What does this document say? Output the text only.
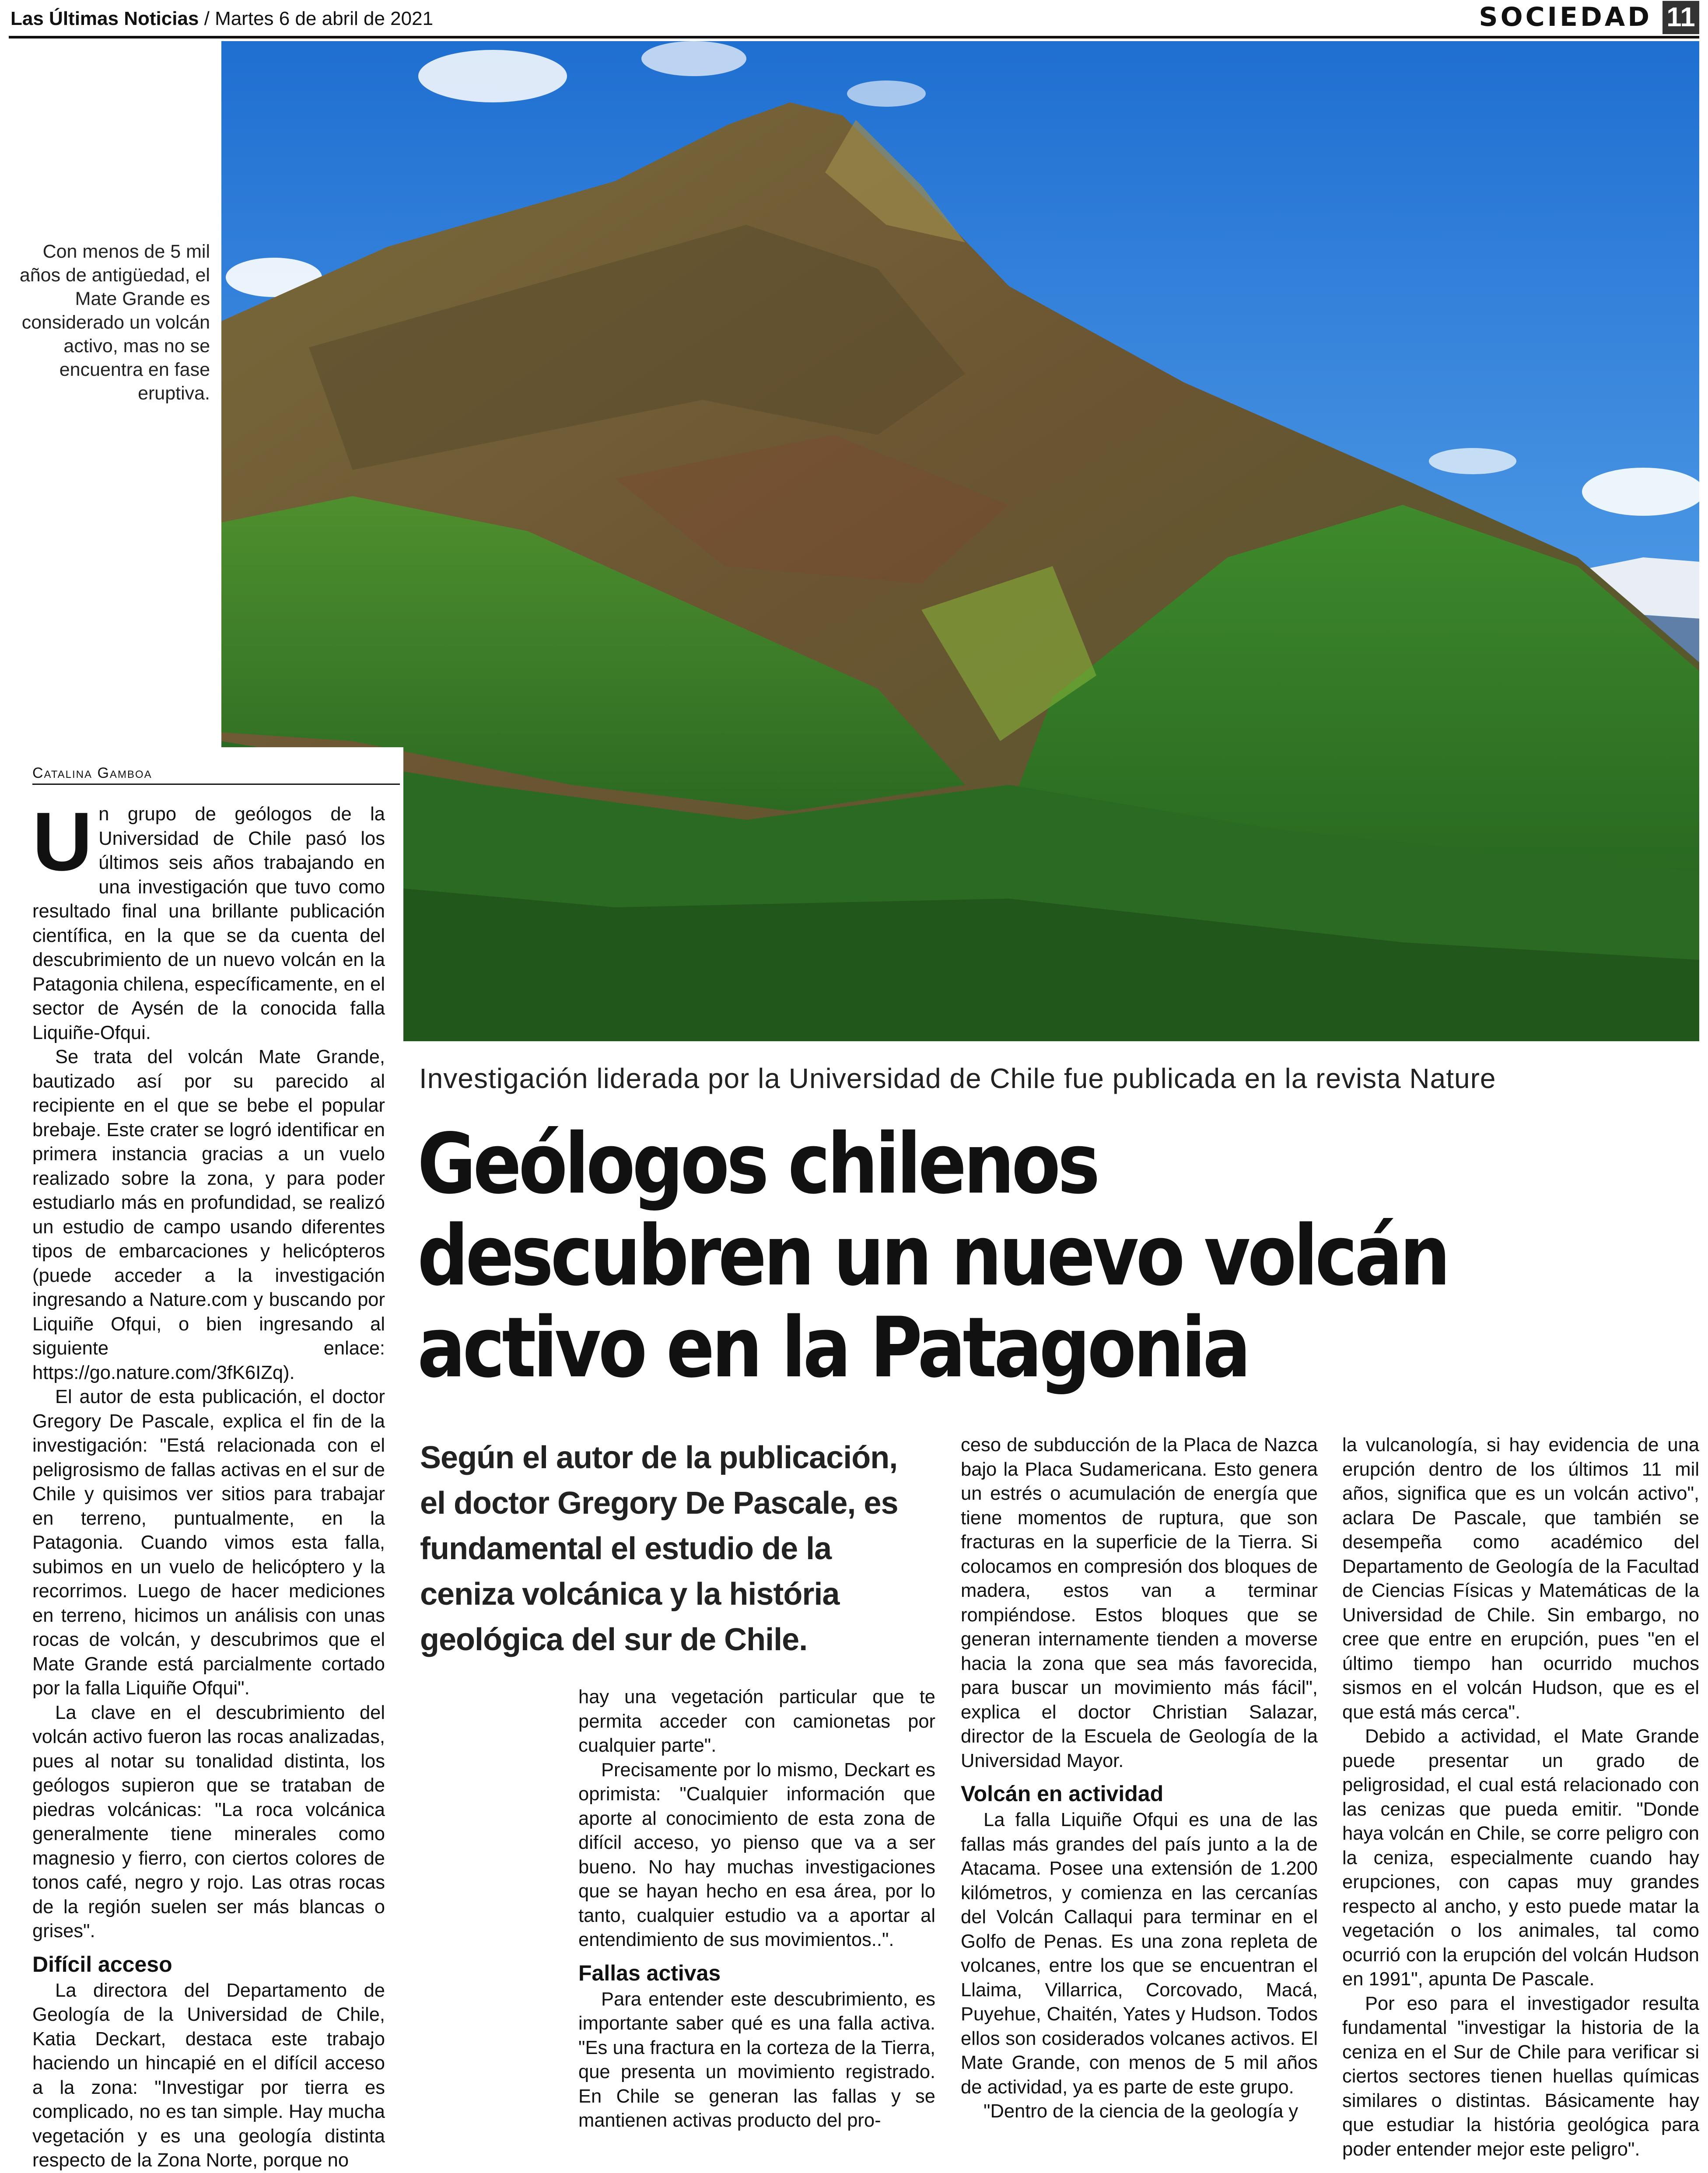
Las Últimas Noticias / Martes 6 de abril de 2021	SOCIEDAD 11
Con menos de 5 mil años de antigüedad, el Mate Grande es considerado un volcán activo, mas no se encuentra en fase eruptiva.
Catalina Gamboa

Un grupo de geólogos de la Universidad de Chile pasó los últimos seis años trabajando en una investigación que tuvo como resultado final una brillante publicación científica, en la que se da cuenta del descubrimiento de un nuevo volcán en la Patagonia chilena, específicamente, en el sector de Aysén de la conocida falla Liquiñe-Ofqui.

Se trata del volcán Mate Grande, bautizado así por su parecido al recipiente en el que se bebe el popular brebaje. Este crater se logró identificar en primera instancia gracias a un vuelo realizado sobre la zona, y para poder estudiarlo más en profundidad, se realizó un estudio de campo usando diferentes tipos de embarcaciones y helicópteros (puede acceder a la investigación ingresando a Nature.com y buscando por Liquiñe Ofqui, o bien ingresando al siguiente enlace: https://go.nature.com/3fK6IZq).

El autor de esta publicación, el doctor Gregory De Pascale, explica el fin de la investigación: "Está relacionada con el peligrosismo de fallas activas en el sur de Chile y quisimos ver sitios para trabajar en terreno, puntualmente, en la Patagonia. Cuando vimos esta falla, subimos en un vuelo de helicóptero y la recorrimos. Luego de hacer mediciones en terreno, hicimos un análisis con unas rocas de volcán, y descubrimos que el Mate Grande está parcialmente cortado por la falla Liquiñe Ofqui".

La clave en el descubrimiento del volcán activo fueron las rocas analizadas, pues al notar su tonalidad distinta, los geólogos supieron que se trataban de piedras volcánicas: "La roca volcánica generalmente tiene minerales como magnesio y fierro, con ciertos colores de tonos café, negro y rojo. Las otras rocas de la región suelen ser más blancas o grises".

Difícil acceso

La directora del Departamento de Geología de la Universidad de Chile, Katia Deckart, destaca este trabajo haciendo un hincapié en el difícil acceso a la zona: "Investigar por tierra es complicado, no es tan simple. Hay mucha vegetación y es una geología distinta respecto de la Zona Norte, porque no

Investigación liderada por la Universidad de Chile fue publicada en la revista Nature
Geólogos chilenos descubren un nuevo volcán activo en la Patagonia
Según el autor de la publicación, el doctor Gregory De Pascale, es fundamental el estudio de la ceniza volcánica y la história geológica del sur de Chile.

hay una vegetación particular que te permita acceder con camionetas por cualquier parte".

Precisamente por lo mismo, Deckart es oprimista: "Cualquier información que aporte al conocimiento de esta zona de difícil acceso, yo pienso que va a ser bueno. No hay muchas investigaciones que se hayan hecho en esa área, por lo tanto, cualquier estudio va a aportar al entendimiento de sus movimientos..".

Fallas activas

Para entender este descubrimiento, es importante saber qué es una falla activa. "Es una fractura en la corteza de la Tierra, que presenta un movimiento registrado. En Chile se generan las fallas y se mantienen activas producto del pro-

ceso de subducción de la Placa de Nazca bajo la Placa Sudamericana. Esto genera un estrés o acumulación de energía que tiene momentos de ruptura, que son fracturas en la superficie de la Tierra. Si colocamos en compresión dos bloques de madera, estos van a terminar rompiéndose. Estos bloques que se generan internamente tienden a moverse hacia la zona que sea más favorecida, para buscar un movimiento más fácil", explica el doctor Christian Salazar, director de la Escuela de Geología de la Universidad Mayor.

Volcán en actividad

La falla Liquiñe Ofqui es una de las fallas más grandes del país junto a la de Atacama. Posee una extensión de 1.200 kilómetros, y comienza en las cercanías del Volcán Callaqui para terminar en el Golfo de Penas. Es una zona repleta de volcanes, entre los que se encuentran el Llaima, Villarrica, Corcovado, Macá, Puyehue, Chaitén, Yates y Hudson. Todos ellos son cosiderados volcanes activos. El Mate Grande, con menos de 5 mil años de actividad, ya es parte de este grupo.

"Dentro de la ciencia de la geología y

la vulcanología, si hay evidencia de una erupción dentro de los últimos 11 mil años, significa que es un volcán activo", aclara De Pascale, que también se desempeña como académico del Departamento de Geología de la Facultad de Ciencias Físicas y Matemáticas de la Universidad de Chile. Sin embargo, no cree que entre en erupción, pues "en el último tiempo han ocurrido muchos sismos en el volcán Hudson, que es el que está más cerca".

Debido a actividad, el Mate Grande puede presentar un grado de peligrosidad, el cual está relacionado con las cenizas que pueda emitir. "Donde haya volcán en Chile, se corre peligro con la ceniza, especialmente cuando hay erupciones, con capas muy grandes respecto al ancho, y esto puede matar la vegetación o los animales, tal como ocurrió con la erupción del volcán Hudson en 1991", apunta De Pascale.

Por eso para el investigador resulta fundamental "investigar la historia de la ceniza en el Sur de Chile para verificar si ciertos sectores tienen huellas químicas similares o distintas. Básicamente hay que estudiar la história geológica para poder entender mejor este peligro".
